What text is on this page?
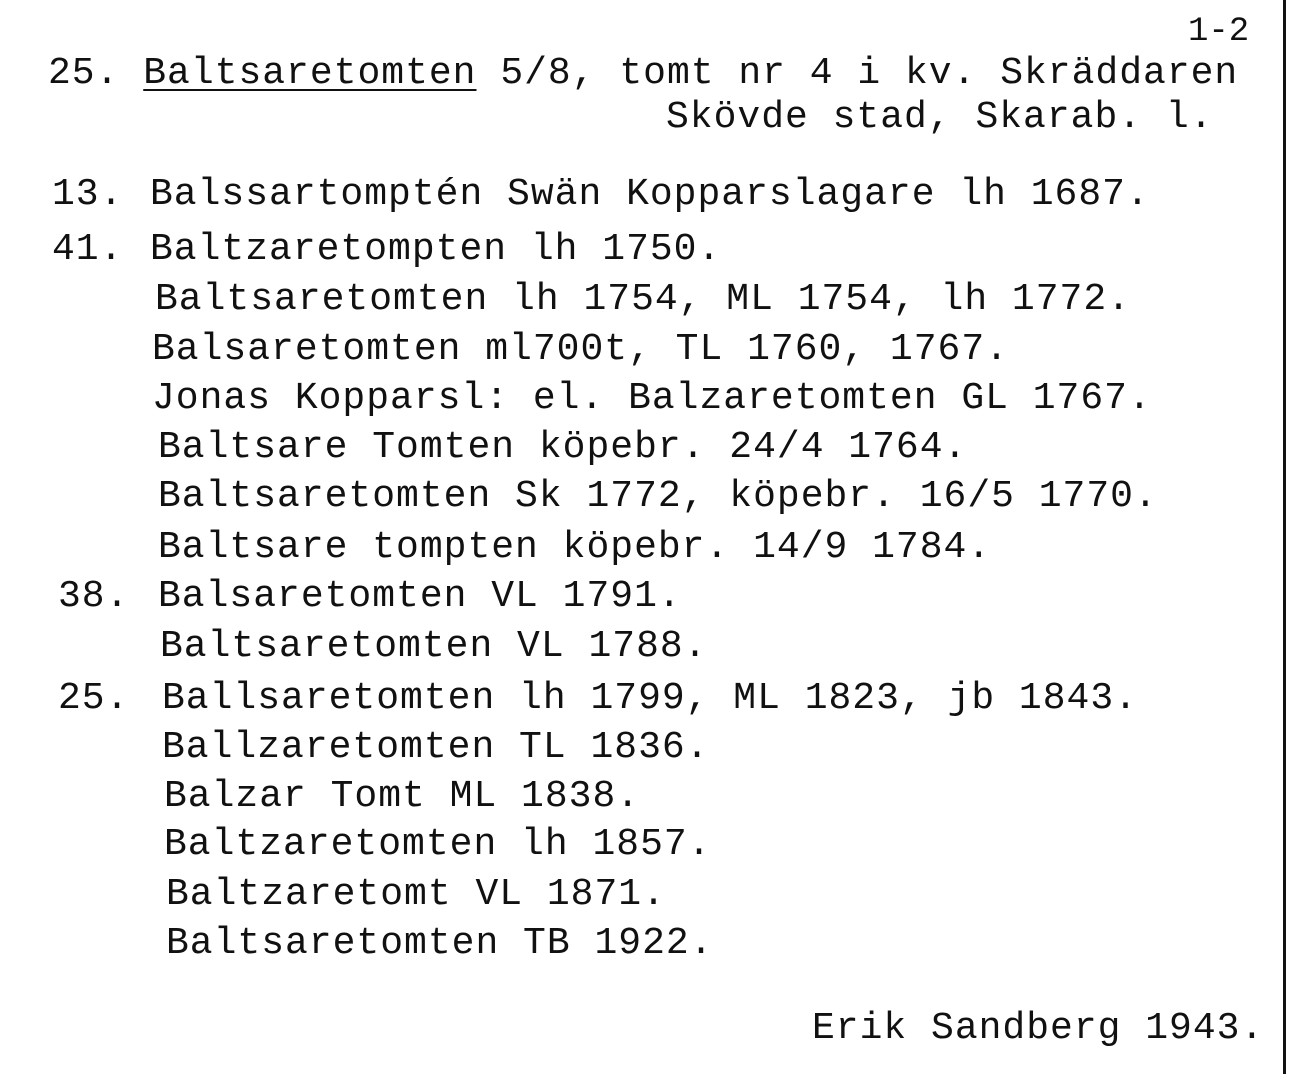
1-2
25. Baltsaretomten 5/8, tomt nr 4 i kv. Skräddaren
Skövde stad, Skarab. l.
13. Balssartomptén Swän Kopparslagare lh 1687.
41. Baltzaretompten lh 1750.
Baltsaretomten lh 1754, ML 1754, lh 1772.
Balsaretomten ml700t, TL 1760, 1767.
Jonas Kopparsl: el. Balzaretomten GL 1767.
Baltsare Tomten köpebr. 24/4 1764.
Baltsaretomten Sk 1772, köpebr. 16/5 1770.
Baltsare tompten köpebr. 14/9 1784.
38. Balsaretomten VL 1791.
Baltsaretomten VL 1788.
25. Ballsaretomten lh 1799, ML 1823, jb 1843.
Ballzaretomten TL 1836.
Balzar Tomt ML 1838.
Baltzaretomten lh 1857.
Baltzaretomt VL 1871.
Baltsaretomten TB 1922.
Erik Sandberg 1943.
